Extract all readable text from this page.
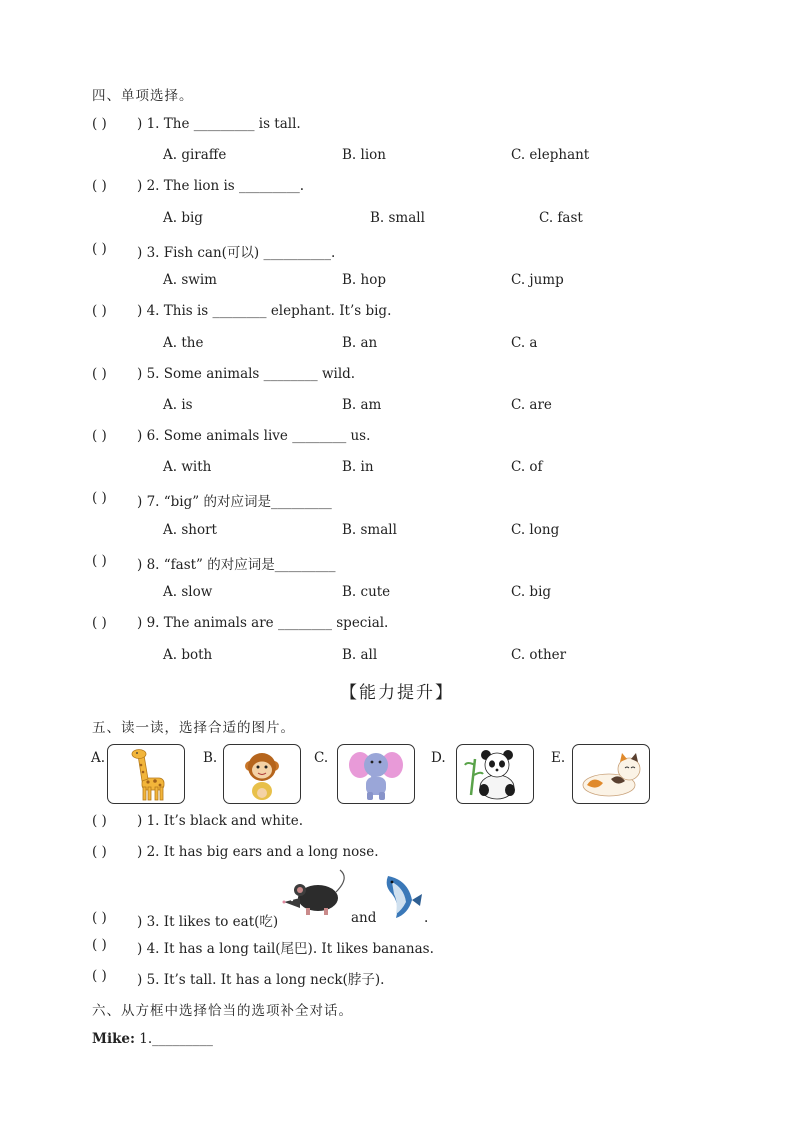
四、单项选择。
( ) ) 1. The _________ is tall.
A. giraffe	B. lion	C. elephant
( ) ) 2. The lion is _________.
A. big	B. small	C. fast
( ) ) 3. Fish can(可以) __________.
A. swim	B. hop	C. jump
( ) ) 4. This is ________ elephant. It’s big.
A. the	B. an	C. a
( ) ) 5. Some animals ________ wild.
A. is	B. am	C. are
( ) ) 6. Some animals live ________ us.
A. with	B. in	C. of
( ) ) 7. “big” 的对应词是_________
A. short	B. small	C. long
( ) ) 8. “fast” 的对应词是_________
A. slow	B. cute	C. big
( ) ) 9. The animals are ________ special.
A. both	B. all	C. other
【能力提升】
五、读一读，选择合适的图片。
A.	B.	C.	D.	E.
( ) ) 1. It’s black and white.
( ) ) 2. It has big ears and a long nose.
( ) ) 3. It likes to eat(吃)	and	.
( ) ) 4. It has a long tail(尾巴). It likes bananas.
( ) ) 5. It’s tall. It has a long neck(脖子).
六、从方框中选择恰当的选项补全对话。
Mike: 1._________
